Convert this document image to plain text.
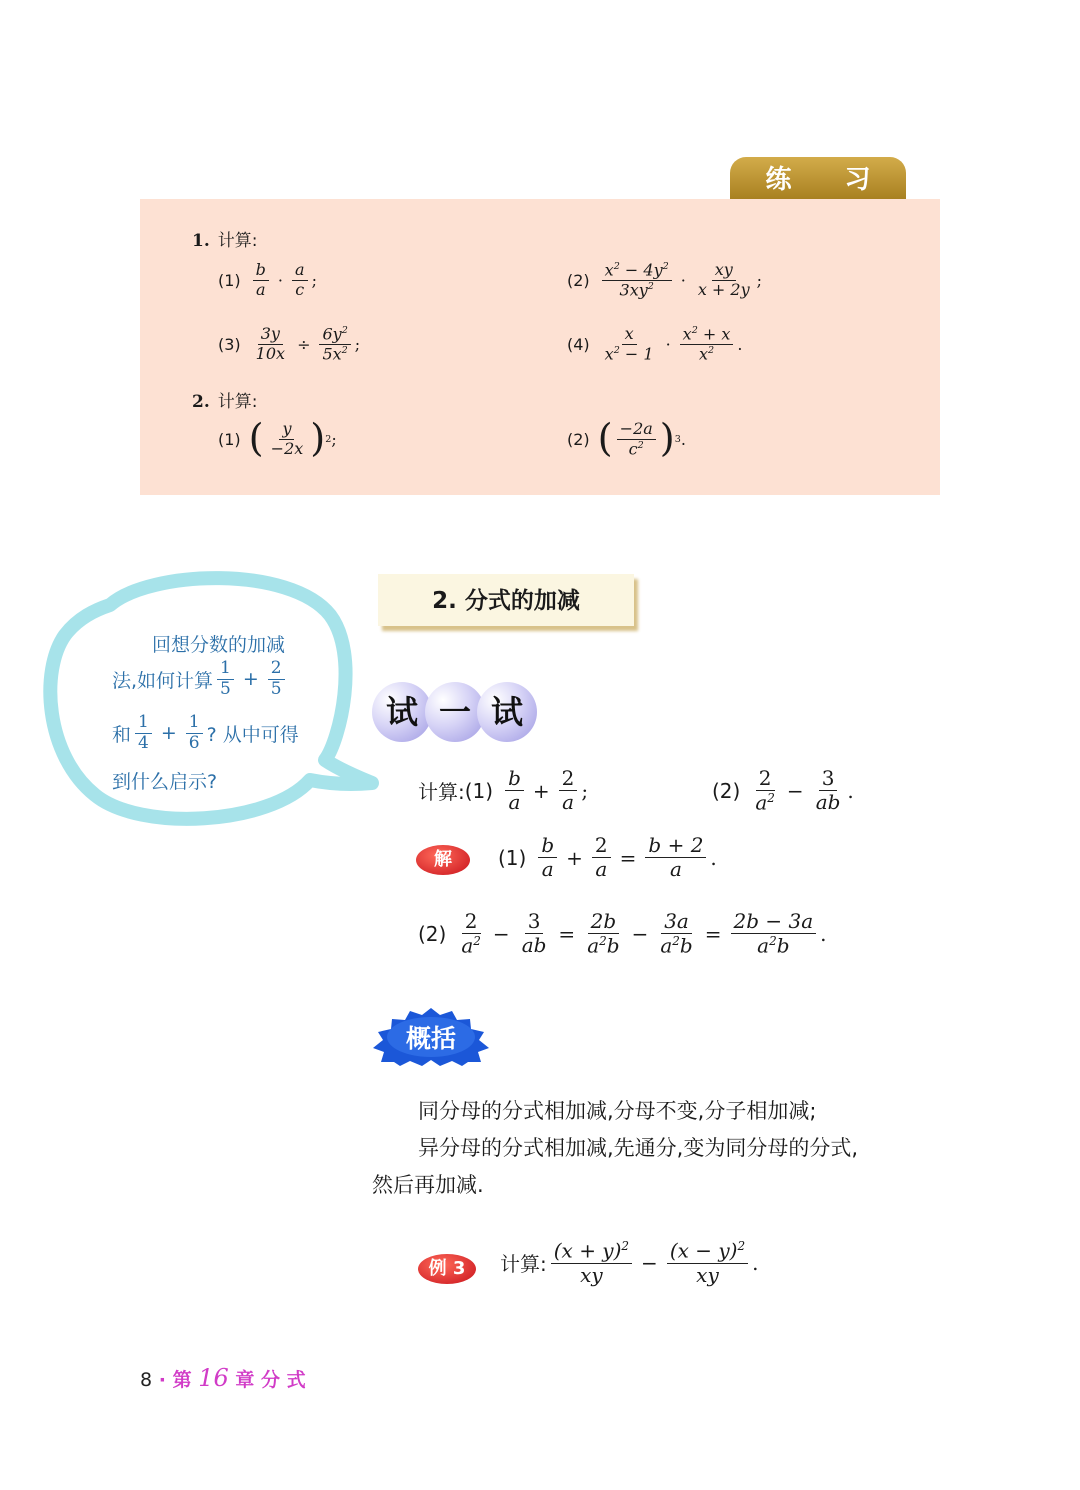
练 习
1. 计算:
$(1) \frac{b}{a} \cdot \frac{a}{c}$ ;	$(2) \frac{x^2 - 4y^2}{3xy^2} \cdot \frac{xy}{x + 2y}$ ;
$(3) \frac{3y}{10x} \div \frac{6y^2}{5x^2}$ ;	$(4) \frac{x}{x^2 - 1} \cdot \frac{x^2 + x}{x^2}$ .
2. 计算:
(1) ( $\frac{y}{-2x}$ ) 2 ;	(2) ( $\frac{-2a}{c^2}$ ) 3 .
2. 分式的加减
回想分数的加减
法,如何计算 $\frac{1}{5} + \frac{2}{5}$
和 $\frac{1}{4} + \frac{1}{6}$ ? 从中可得
到什么启示?
试 一 试
计算: $(1) \frac{b}{a} + \frac{2}{a}$ ;	$(2) \frac{2}{a^2} - \frac{3}{ab}$ .
解	$(1) \frac{b}{a} + \frac{2}{a} = \frac{b + 2}{a}$ .
$(2) \frac{2}{a^2} - \frac{3}{ab} = \frac{2b}{a^2b} - \frac{3a}{a^2b} = \frac{2b - 3a}{a^2b}$ .
概括
同分母的分式相加减,分母不变,分子相加减;
异分母的分式相加减,先通分,变为同分母的分式,
然后再加减.
例 3	计算: $\frac{(x + y)^2}{xy} - \frac{(x - y)^2}{xy}$ .
8 · 第 16 章 分 式
